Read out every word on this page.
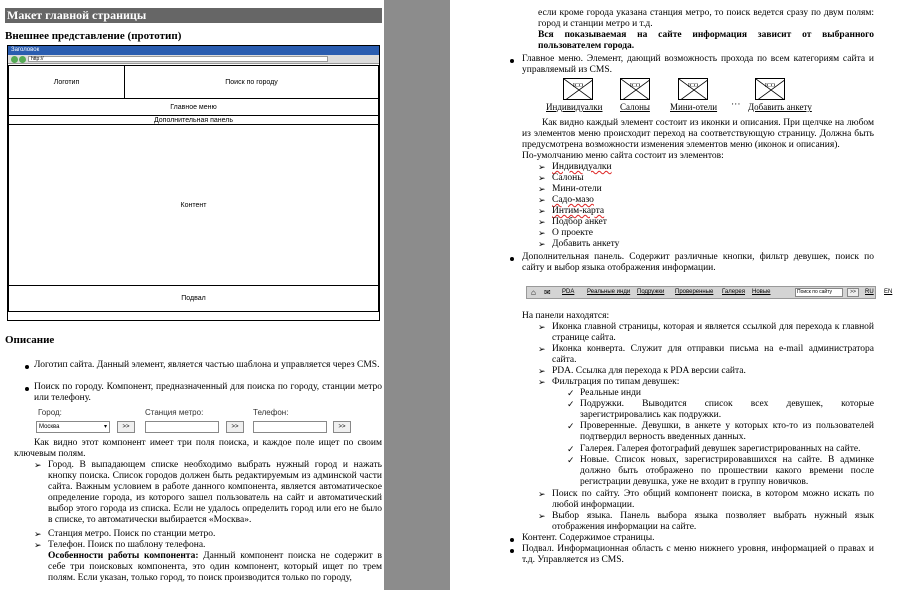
Макет главной страницы
Внешнее представление (прототип)
Заголовок
http://
Логотип	Поиск по городу
Главное меню
Дополнительная панель
Контент
Подвал
Описание
Логотип сайта. Данный элемент, является частью шаблона и управляется через CMS.
Поиск по городу. Компонент, предназначенный для поиска по городу, станции метро или телефону.
Город:
Москва	▾	>>
Станция метро:
>>
Телефон:
>>
Как видно этот компонент имеет три поля поиска, и каждое поле ищет по своим ключевым полям.
➢ Город. В выпадающем списке необходимо выбрать нужный город и нажать кнопку поиска. Список городов должен быть редактируемым из админской части сайта. Важным условием в работе данного компонента, является автоматическое определение города, из которого зашел пользователь на сайт и автоматический выбор этого города из списка. Если не удалось определить город или его не было в списке, то автоматически выбирается «Москва».
➢ Станция метро. Поиск по станции метро.
➢ Телефон. Поиск по шаблону телефона.
Особенности работы компонента: Данный компонент поиска не содержит в себе три поисковых компонента, это один компонент, который ищет по трем полям. Если указан, только город, то поиск производится только по городу,
если кроме города указана станция метро, то поиск ведется сразу по двум полям: город и станции метро и т.д.
Вся показываемая на сайте информация зависит от выбранного пользователем города.
Главное меню. Элемент, дающий возможность прохода по всем категориям сайта и управляемый из CMS.
ICO	ICO	ICO	ICO
Индивидуалки Салоны Мини-отели ··· Добавить анкету
Как видно каждый элемент состоит из иконки и описания. При щелчке на любом из элементов меню происходит переход на соответствующую страницу. Должна быть предусмотрена возможности изменения элементов меню (иконок и описания).
По-умолчанию меню сайта состоит из элементов:
➢ Индивидуалки
➢ Салоны
➢ Мини-отели
➢ Садо-мазо
➢ Интим-карта
➢ Подбор анкет
➢ О проекте
➢ Добавить анкету
Дополнительная панель. Содержит различные кнопки, фильтр девушек, поиск по сайту и выбор языка отображения информации.
⌂ ✉ PDA Реальные инди Подружки Проверенные Галерея Новые	Поиск по сайту	>>	RU EN
На панели находятся:
➢ Иконка главной страницы, которая и является ссылкой для перехода к главной странице сайта.
➢ Иконка конверта. Служит для отправки письма на e-mail администратора сайта.
➢ PDA. Ссылка для перехода к PDA версии сайта.
➢ Фильтрация по типам девушек:
✓ Реальные инди
✓ Подружки. Выводится список всех девушек, которые зарегистрировались как подружки.
✓ Проверенные. Девушки, в анкете у которых кто-то из пользователей подтвердил верность введенных данных.
✓ Галерея. Галерея фотографий девушек зарегистрированных на сайте.
✓ Новые. Список новых, зарегистрировавшихся на сайте. В админке должно быть отображено по прошествии какого времени после регистрации девушка, уже не входит в группу новичков.
➢ Поиск по сайту. Это общий компонент поиска, в котором можно искать по любой информации.
➢ Выбор языка. Панель выбора языка позволяет выбрать нужный язык отображения информации на сайте.
Контент. Содержимое страницы.
Подвал. Информационная область с меню нижнего уровня, информацией о правах и т.д. Управляется из CMS.
